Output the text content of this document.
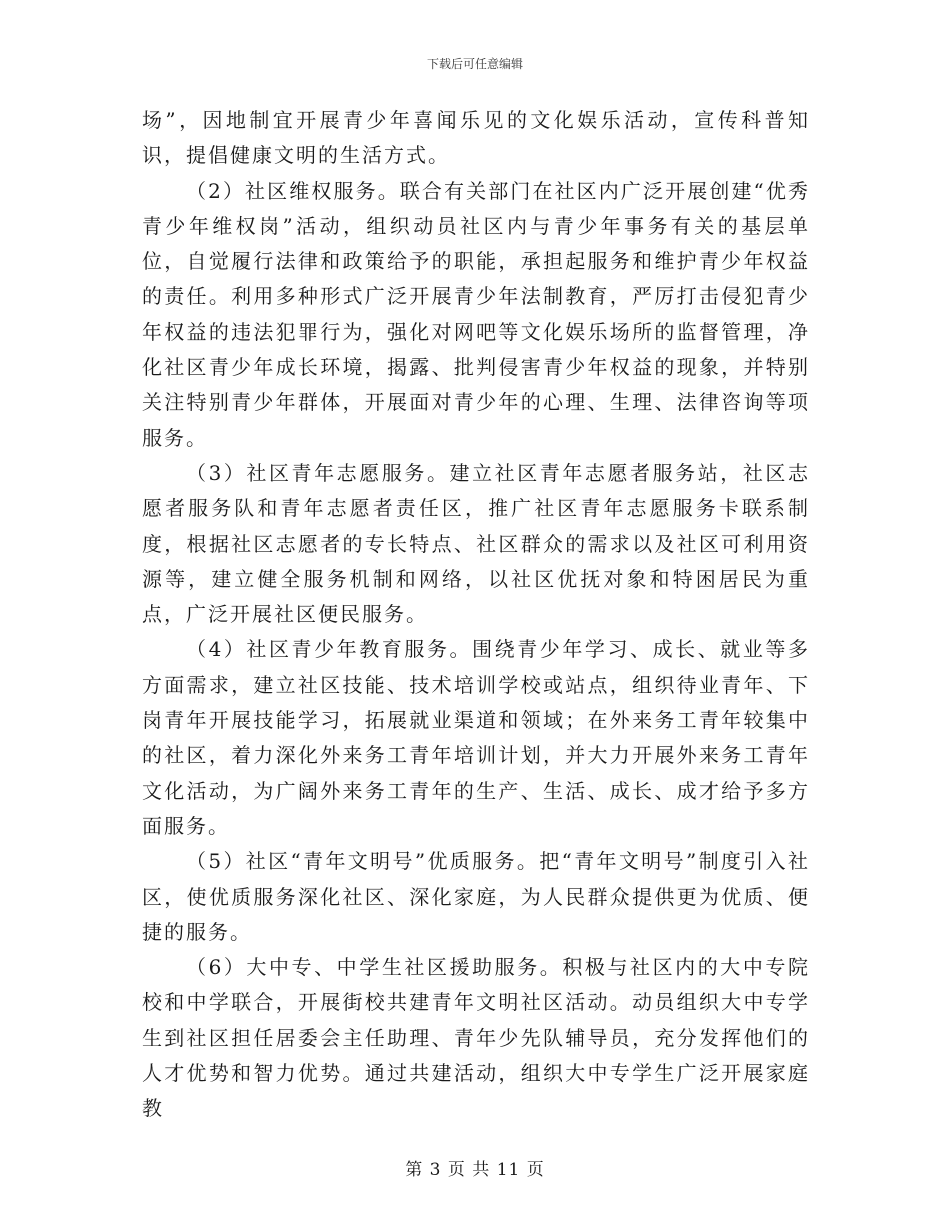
下载后可任意编辑

场”，因地制宜开展青少年喜闻乐见的文化娱乐活动，宣传科普知识，提倡健康文明的生活方式。

（2）社区维权服务。联合有关部门在社区内广泛开展创建“优秀青少年维权岗”活动，组织动员社区内与青少年事务有关的基层单位，自觉履行法律和政策给予的职能，承担起服务和维护青少年权益的责任。利用多种形式广泛开展青少年法制教育，严厉打击侵犯青少年权益的违法犯罪行为，强化对网吧等文化娱乐场所的监督管理，净化社区青少年成长环境，揭露、批判侵害青少年权益的现象，并特别关注特别青少年群体，开展面对青少年的心理、生理、法律咨询等项服务。

（3）社区青年志愿服务。建立社区青年志愿者服务站，社区志愿者服务队和青年志愿者责任区，推广社区青年志愿服务卡联系制度，根据社区志愿者的专长特点、社区群众的需求以及社区可利用资源等，建立健全服务机制和网络，以社区优抚对象和特困居民为重点，广泛开展社区便民服务。

（4）社区青少年教育服务。围绕青少年学习、成长、就业等多方面需求，建立社区技能、技术培训学校或站点，组织待业青年、下岗青年开展技能学习，拓展就业渠道和领域；在外来务工青年较集中的社区，着力深化外来务工青年培训计划，并大力开展外来务工青年文化活动，为广阔外来务工青年的生产、生活、成长、成才给予多方面服务。

（5）社区“青年文明号”优质服务。把“青年文明号”制度引入社区，使优质服务深化社区、深化家庭，为人民群众提供更为优质、便捷的服务。

（6）大中专、中学生社区援助服务。积极与社区内的大中专院校和中学联合，开展街校共建青年文明社区活动。动员组织大中专学生到社区担任居委会主任助理、青年少先队辅导员，充分发挥他们的人才优势和智力优势。通过共建活动，组织大中专学生广泛开展家庭教

第 3 页 共 11 页
